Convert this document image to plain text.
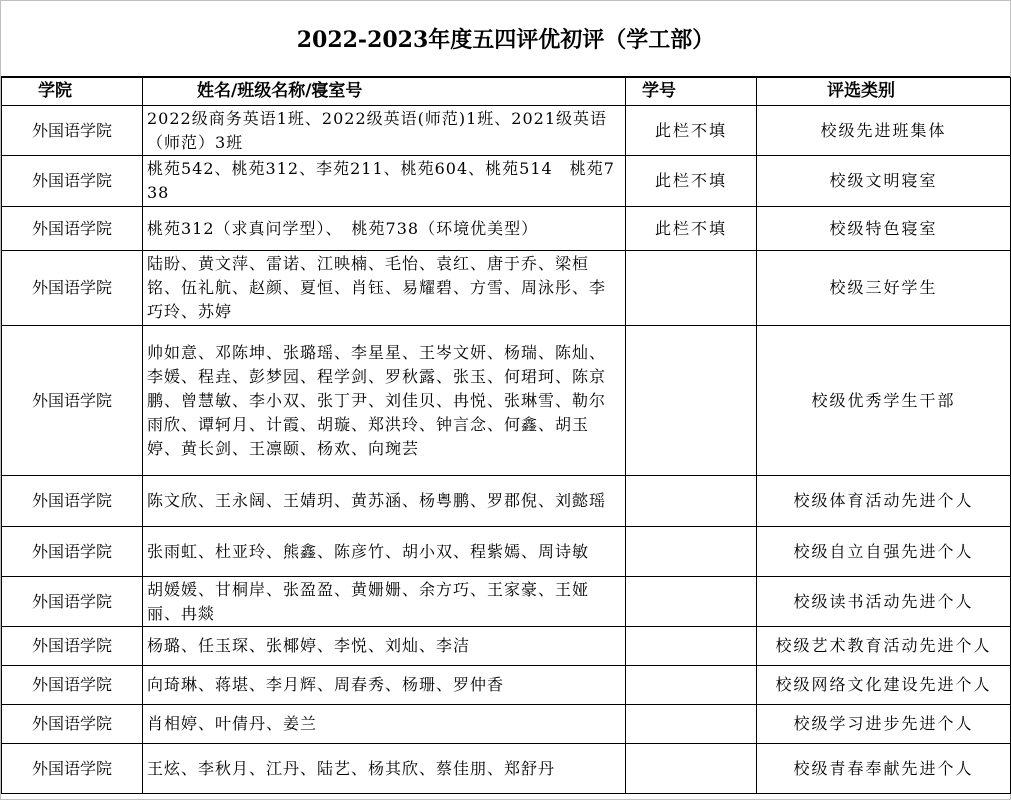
2022-2023年度五四评优初评（学工部）
学院	姓名/班级名称/寝室号	学号	评选类别
外国语学院	2022级商务英语1班、2022级英语(师范)1班、2021级英语（师范）3班	此栏不填	校级先进班集体
外国语学院	桃苑542、桃苑312、李苑211、桃苑604、桃苑514　桃苑738	此栏不填	校级文明寝室
外国语学院	桃苑312（求真问学型）、　桃苑738（环境优美型）	此栏不填	校级特色寝室
外国语学院	陆盼、黄文萍、雷诺、江映楠、毛怡、袁红、唐于乔、梁桓铭、伍礼航、赵颜、夏恒、肖钰、易耀碧、方雪、周泳彤、李巧玲、苏婷		校级三好学生
外国语学院	帅如意、邓陈坤、张璐瑶、李星星、王岑文妍、杨瑞、陈灿、李媛、程垚、彭梦园、程学剑、罗秋露、张玉、何珺珂、陈京鹏、曾慧敏、李小双、张丁尹、刘佳贝、冉悦、张琳雪、勒尔雨欣、谭轲月、计霞、胡璇、郑洪玲、钟言念、何鑫、胡玉婷、黄长剑、王凛颐、杨欢、向琬芸		校级优秀学生干部
外国语学院	陈文欣、王永阔、王婧玥、黄苏涵、杨粤鹏、罗郡倪、刘懿瑶		校级体育活动先进个人
外国语学院	张雨虹、杜亚玲、熊鑫、陈彦竹、胡小双、程紫嫣、周诗敏		校级自立自强先进个人
外国语学院	胡媛媛、甘桐岸、张盈盈、黄姗姗、余方巧、王家豪、王娅丽、冉燚		校级读书活动先进个人
外国语学院	杨璐、任玉琛、张椰婷、李悦、刘灿、李洁		校级艺术教育活动先进个人
外国语学院	向琦琳、蒋堪、李月辉、周春秀、杨珊、罗仲香		校级网络文化建设先进个人
外国语学院	肖相婷、叶倩丹、姜兰		校级学习进步先进个人
外国语学院	王炫、李秋月、江丹、陆艺、杨其欣、蔡佳朋、郑舒丹		校级青春奉献先进个人
